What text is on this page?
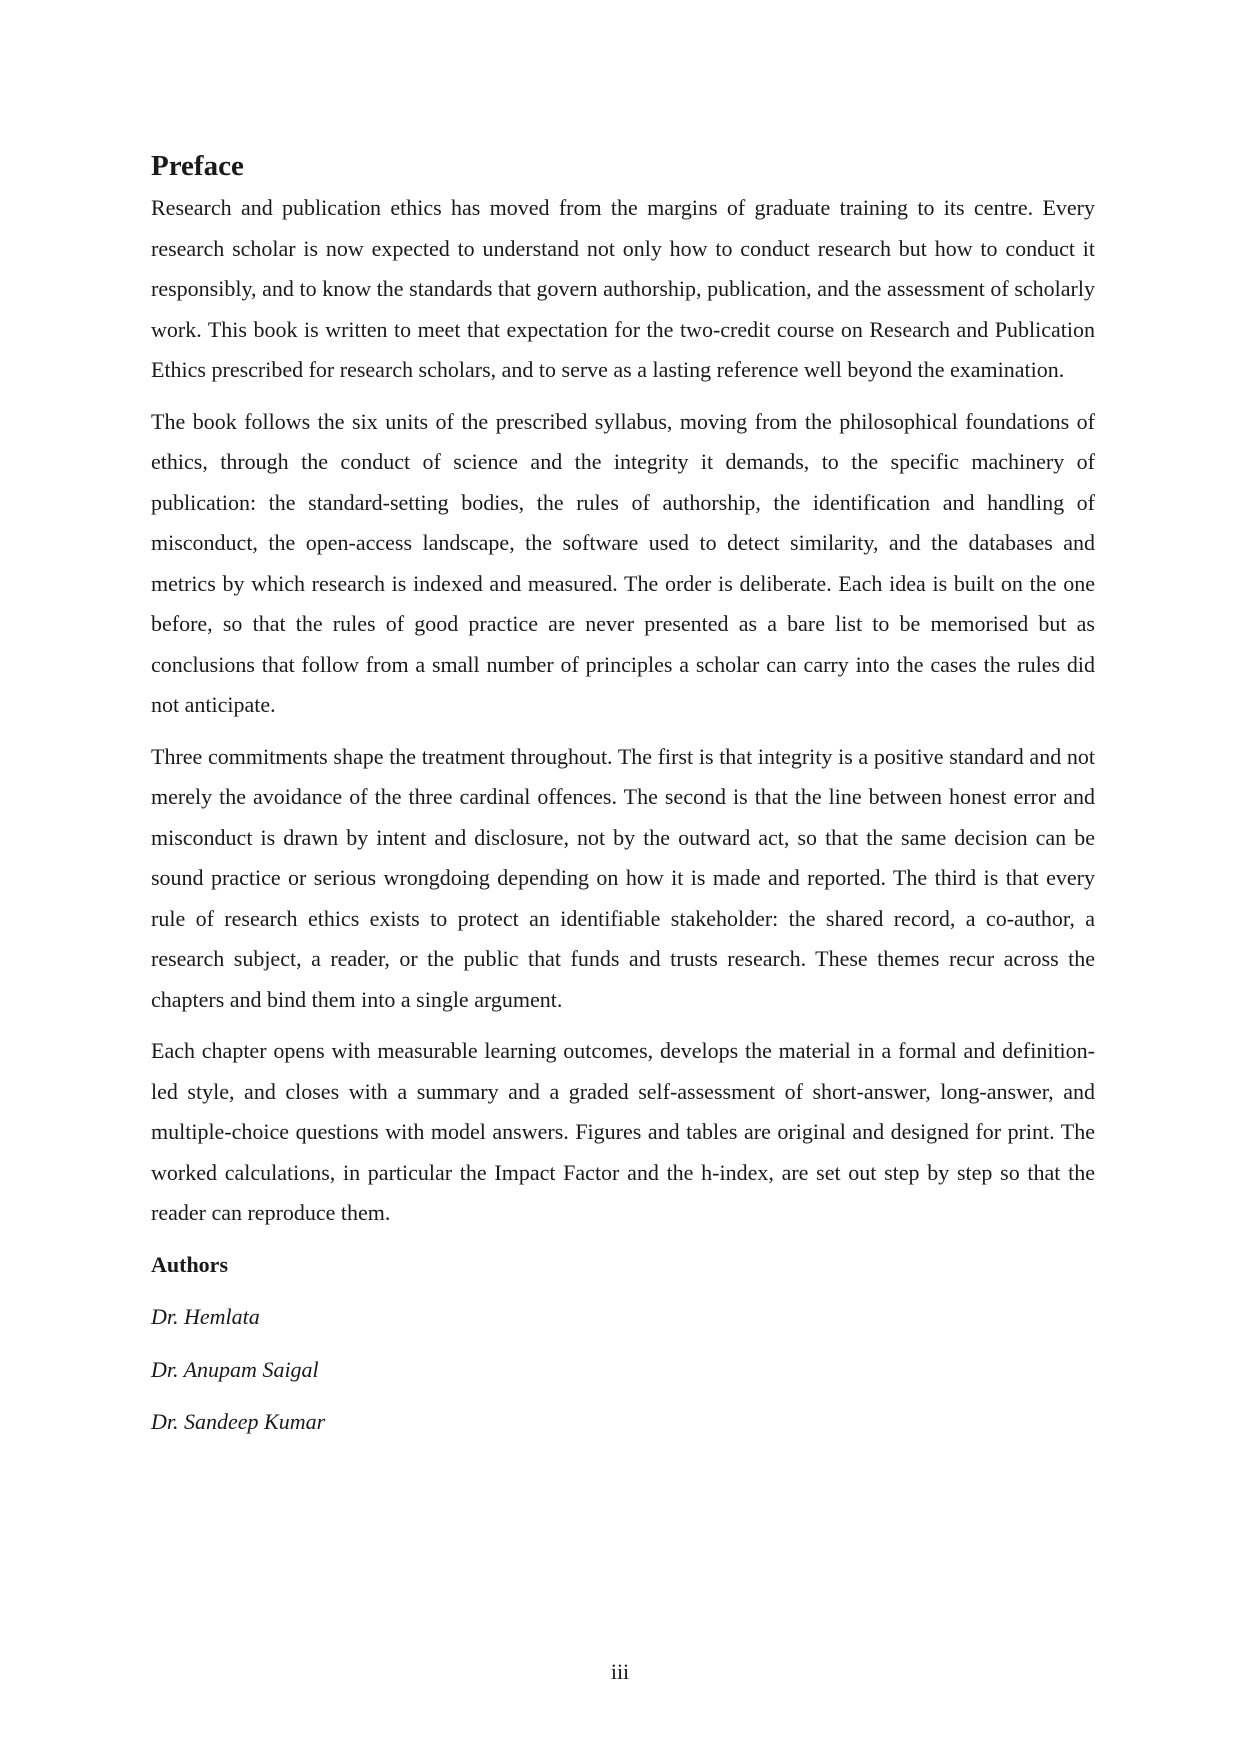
Preface

Research and publication ethics has moved from the margins of graduate training to its centre. Every research scholar is now expected to understand not only how to conduct research but how to conduct it responsibly, and to know the standards that govern authorship, publication, and the assessment of scholarly work. This book is written to meet that expectation for the two-credit course on Research and Publication Ethics prescribed for research scholars, and to serve as a lasting reference well beyond the examination.

The book follows the six units of the prescribed syllabus, moving from the philosophical foundations of ethics, through the conduct of science and the integrity it demands, to the specific machinery of publication: the standard-setting bodies, the rules of authorship, the identification and handling of misconduct, the open-access landscape, the software used to detect similarity, and the databases and metrics by which research is indexed and measured. The order is deliberate. Each idea is built on the one before, so that the rules of good practice are never presented as a bare list to be memorised but as conclusions that follow from a small number of principles a scholar can carry into the cases the rules did not anticipate.

Three commitments shape the treatment throughout. The first is that integrity is a positive standard and not merely the avoidance of the three cardinal offences. The second is that the line between honest error and misconduct is drawn by intent and disclosure, not by the outward act, so that the same decision can be sound practice or serious wrongdoing depending on how it is made and reported. The third is that every rule of research ethics exists to protect an identifiable stakeholder: the shared record, a co-author, a research subject, a reader, or the public that funds and trusts research. These themes recur across the chapters and bind them into a single argument.

Each chapter opens with measurable learning outcomes, develops the material in a formal and definition-led style, and closes with a summary and a graded self-assessment of short-answer, long-answer, and multiple-choice questions with model answers. Figures and tables are original and designed for print. The worked calculations, in particular the Impact Factor and the h-index, are set out step by step so that the reader can reproduce them.

Authors
Dr. Hemlata
Dr. Anupam Saigal
Dr. Sandeep Kumar
iii
